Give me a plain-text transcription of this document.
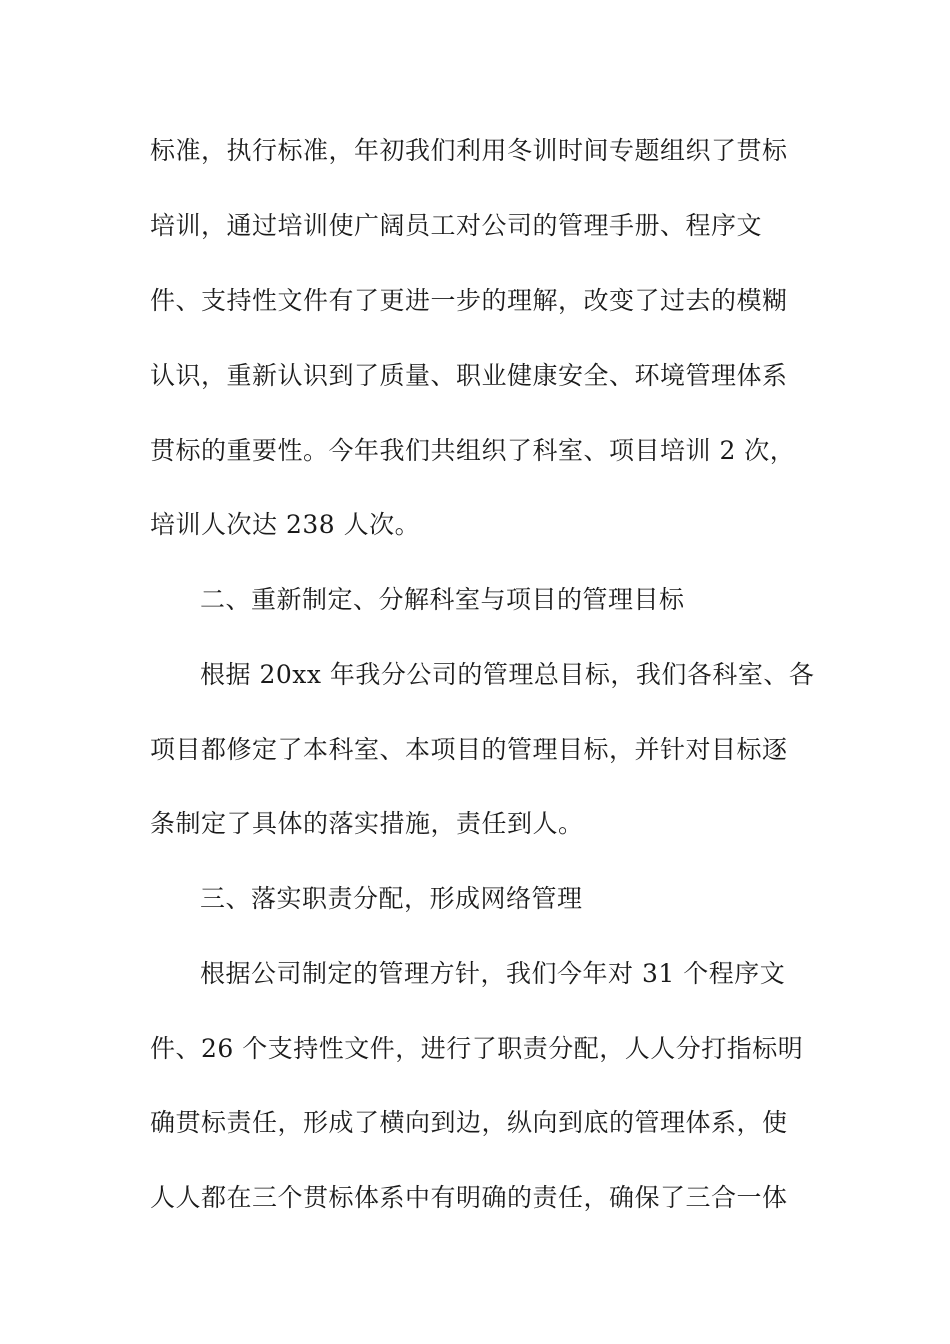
标准，执行标准，年初我们利用冬训时间专题组织了贯标
培训，通过培训使广阔员工对公司的管理手册、程序文
件、支持性文件有了更进一步的理解，改变了过去的模糊
认识，重新认识到了质量、职业健康安全、环境管理体系
贯标的重要性。今年我们共组织了科室、项目培训 2 次，
培训人次达 238 人次。
二、重新制定、分解科室与项目的管理目标
根据 20xx 年我分公司的管理总目标，我们各科室、各
项目都修定了本科室、本项目的管理目标，并针对目标逐
条制定了具体的落实措施，责任到人。
三、落实职责分配，形成网络管理
根据公司制定的管理方针，我们今年对 31 个程序文
件、26 个支持性文件，进行了职责分配，人人分打指标明
确贯标责任，形成了横向到边，纵向到底的管理体系，使
人人都在三个贯标体系中有明确的责任，确保了三合一体
